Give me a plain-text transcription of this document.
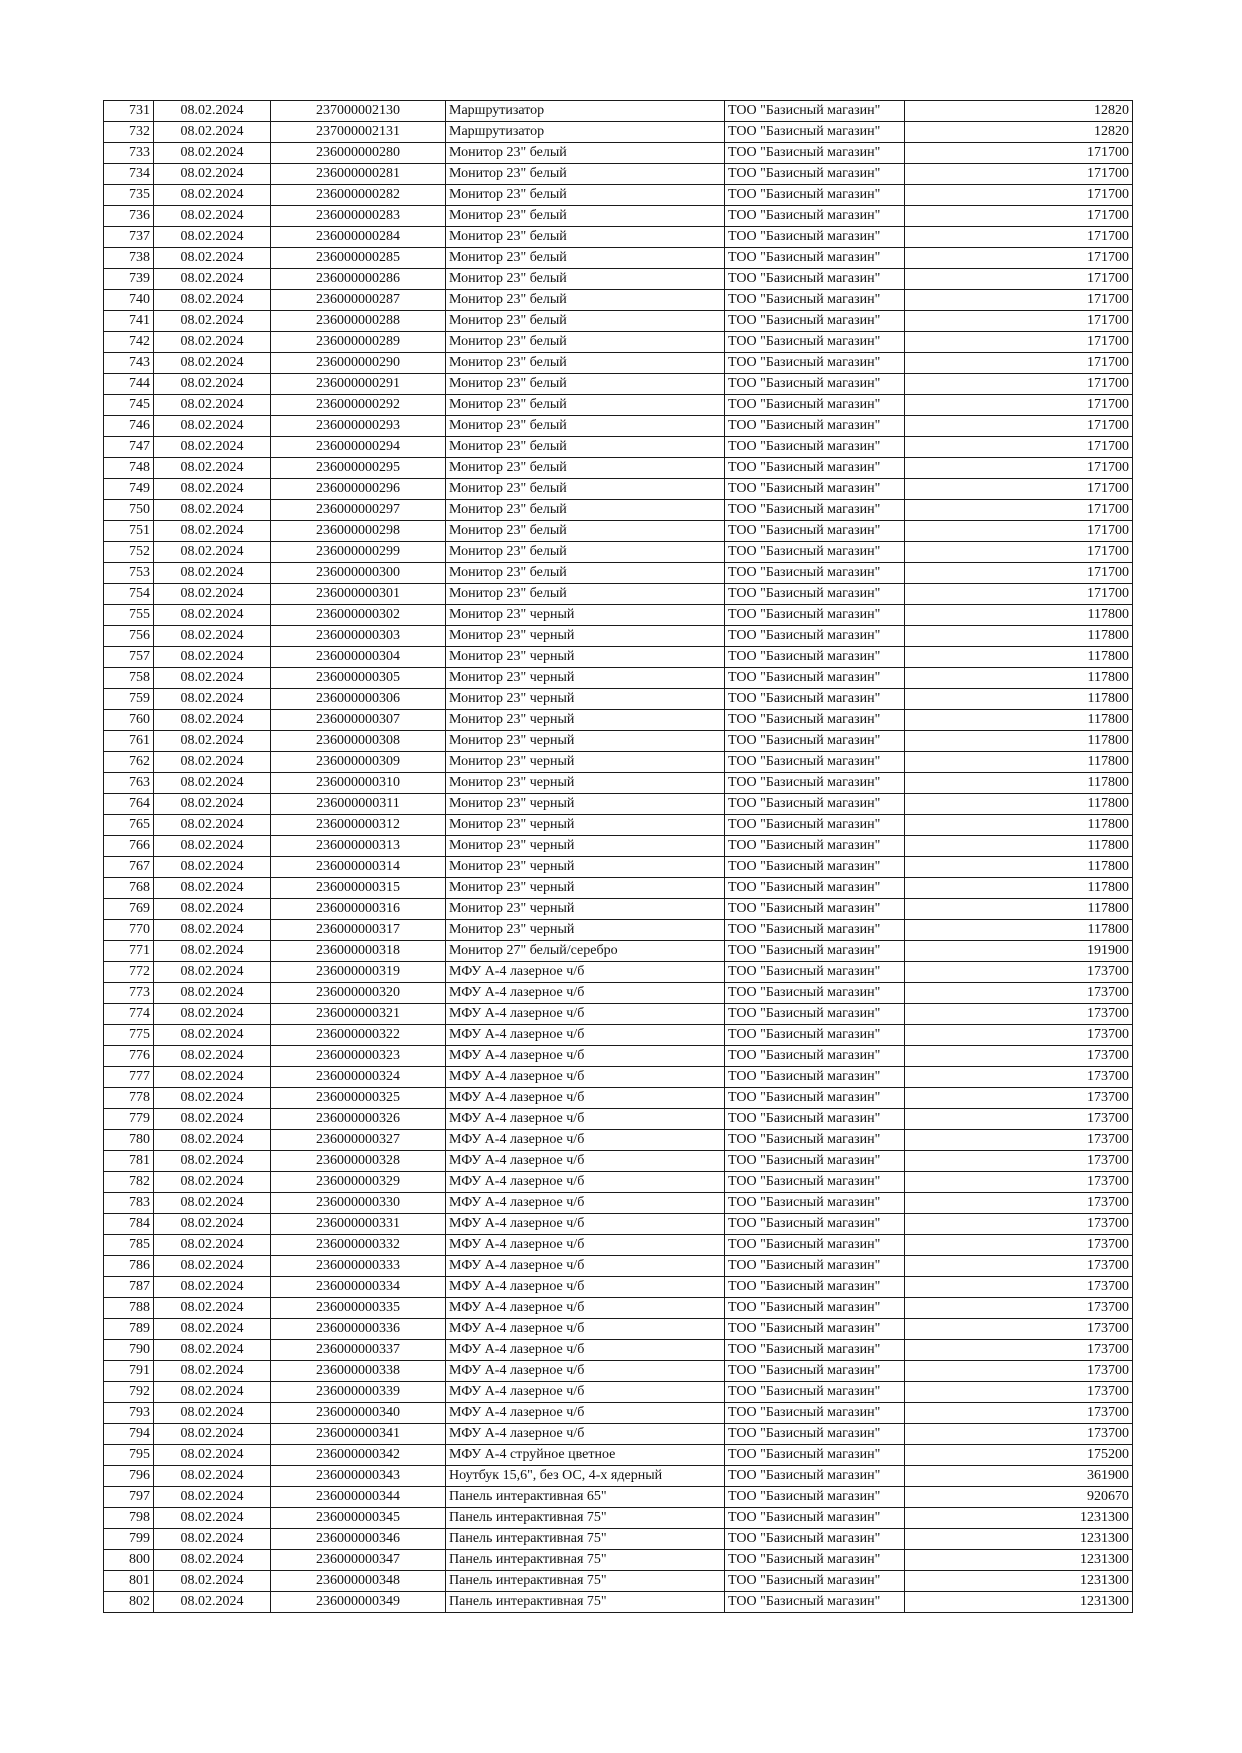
731	08.02.2024	237000002130	Маршрутизатор	ТОО "Базисный магазин"	12820
732	08.02.2024	237000002131	Маршрутизатор	ТОО "Базисный магазин"	12820
733	08.02.2024	236000000280	Монитор 23" белый	ТОО "Базисный магазин"	171700
734	08.02.2024	236000000281	Монитор 23" белый	ТОО "Базисный магазин"	171700
735	08.02.2024	236000000282	Монитор 23" белый	ТОО "Базисный магазин"	171700
736	08.02.2024	236000000283	Монитор 23" белый	ТОО "Базисный магазин"	171700
737	08.02.2024	236000000284	Монитор 23" белый	ТОО "Базисный магазин"	171700
738	08.02.2024	236000000285	Монитор 23" белый	ТОО "Базисный магазин"	171700
739	08.02.2024	236000000286	Монитор 23" белый	ТОО "Базисный магазин"	171700
740	08.02.2024	236000000287	Монитор 23" белый	ТОО "Базисный магазин"	171700
741	08.02.2024	236000000288	Монитор 23" белый	ТОО "Базисный магазин"	171700
742	08.02.2024	236000000289	Монитор 23" белый	ТОО "Базисный магазин"	171700
743	08.02.2024	236000000290	Монитор 23" белый	ТОО "Базисный магазин"	171700
744	08.02.2024	236000000291	Монитор 23" белый	ТОО "Базисный магазин"	171700
745	08.02.2024	236000000292	Монитор 23" белый	ТОО "Базисный магазин"	171700
746	08.02.2024	236000000293	Монитор 23" белый	ТОО "Базисный магазин"	171700
747	08.02.2024	236000000294	Монитор 23" белый	ТОО "Базисный магазин"	171700
748	08.02.2024	236000000295	Монитор 23" белый	ТОО "Базисный магазин"	171700
749	08.02.2024	236000000296	Монитор 23" белый	ТОО "Базисный магазин"	171700
750	08.02.2024	236000000297	Монитор 23" белый	ТОО "Базисный магазин"	171700
751	08.02.2024	236000000298	Монитор 23" белый	ТОО "Базисный магазин"	171700
752	08.02.2024	236000000299	Монитор 23" белый	ТОО "Базисный магазин"	171700
753	08.02.2024	236000000300	Монитор 23" белый	ТОО "Базисный магазин"	171700
754	08.02.2024	236000000301	Монитор 23" белый	ТОО "Базисный магазин"	171700
755	08.02.2024	236000000302	Монитор 23" черный	ТОО "Базисный магазин"	117800
756	08.02.2024	236000000303	Монитор 23" черный	ТОО "Базисный магазин"	117800
757	08.02.2024	236000000304	Монитор 23" черный	ТОО "Базисный магазин"	117800
758	08.02.2024	236000000305	Монитор 23" черный	ТОО "Базисный магазин"	117800
759	08.02.2024	236000000306	Монитор 23" черный	ТОО "Базисный магазин"	117800
760	08.02.2024	236000000307	Монитор 23" черный	ТОО "Базисный магазин"	117800
761	08.02.2024	236000000308	Монитор 23" черный	ТОО "Базисный магазин"	117800
762	08.02.2024	236000000309	Монитор 23" черный	ТОО "Базисный магазин"	117800
763	08.02.2024	236000000310	Монитор 23" черный	ТОО "Базисный магазин"	117800
764	08.02.2024	236000000311	Монитор 23" черный	ТОО "Базисный магазин"	117800
765	08.02.2024	236000000312	Монитор 23" черный	ТОО "Базисный магазин"	117800
766	08.02.2024	236000000313	Монитор 23" черный	ТОО "Базисный магазин"	117800
767	08.02.2024	236000000314	Монитор 23" черный	ТОО "Базисный магазин"	117800
768	08.02.2024	236000000315	Монитор 23" черный	ТОО "Базисный магазин"	117800
769	08.02.2024	236000000316	Монитор 23" черный	ТОО "Базисный магазин"	117800
770	08.02.2024	236000000317	Монитор 23" черный	ТОО "Базисный магазин"	117800
771	08.02.2024	236000000318	Монитор 27" белый/серебро	ТОО "Базисный магазин"	191900
772	08.02.2024	236000000319	МФУ А-4 лазерное ч/б	ТОО "Базисный магазин"	173700
773	08.02.2024	236000000320	МФУ А-4 лазерное ч/б	ТОО "Базисный магазин"	173700
774	08.02.2024	236000000321	МФУ А-4 лазерное ч/б	ТОО "Базисный магазин"	173700
775	08.02.2024	236000000322	МФУ А-4 лазерное ч/б	ТОО "Базисный магазин"	173700
776	08.02.2024	236000000323	МФУ А-4 лазерное ч/б	ТОО "Базисный магазин"	173700
777	08.02.2024	236000000324	МФУ А-4 лазерное ч/б	ТОО "Базисный магазин"	173700
778	08.02.2024	236000000325	МФУ А-4 лазерное ч/б	ТОО "Базисный магазин"	173700
779	08.02.2024	236000000326	МФУ А-4 лазерное ч/б	ТОО "Базисный магазин"	173700
780	08.02.2024	236000000327	МФУ А-4 лазерное ч/б	ТОО "Базисный магазин"	173700
781	08.02.2024	236000000328	МФУ А-4 лазерное ч/б	ТОО "Базисный магазин"	173700
782	08.02.2024	236000000329	МФУ А-4 лазерное ч/б	ТОО "Базисный магазин"	173700
783	08.02.2024	236000000330	МФУ А-4 лазерное ч/б	ТОО "Базисный магазин"	173700
784	08.02.2024	236000000331	МФУ А-4 лазерное ч/б	ТОО "Базисный магазин"	173700
785	08.02.2024	236000000332	МФУ А-4 лазерное ч/б	ТОО "Базисный магазин"	173700
786	08.02.2024	236000000333	МФУ А-4 лазерное ч/б	ТОО "Базисный магазин"	173700
787	08.02.2024	236000000334	МФУ А-4 лазерное ч/б	ТОО "Базисный магазин"	173700
788	08.02.2024	236000000335	МФУ А-4 лазерное ч/б	ТОО "Базисный магазин"	173700
789	08.02.2024	236000000336	МФУ А-4 лазерное ч/б	ТОО "Базисный магазин"	173700
790	08.02.2024	236000000337	МФУ А-4 лазерное ч/б	ТОО "Базисный магазин"	173700
791	08.02.2024	236000000338	МФУ А-4 лазерное ч/б	ТОО "Базисный магазин"	173700
792	08.02.2024	236000000339	МФУ А-4 лазерное ч/б	ТОО "Базисный магазин"	173700
793	08.02.2024	236000000340	МФУ А-4 лазерное ч/б	ТОО "Базисный магазин"	173700
794	08.02.2024	236000000341	МФУ А-4 лазерное ч/б	ТОО "Базисный магазин"	173700
795	08.02.2024	236000000342	МФУ А-4 струйное цветное	ТОО "Базисный магазин"	175200
796	08.02.2024	236000000343	Ноутбук 15,6", без ОС, 4-х ядерный	ТОО "Базисный магазин"	361900
797	08.02.2024	236000000344	Панель интерактивная 65"	ТОО "Базисный магазин"	920670
798	08.02.2024	236000000345	Панель интерактивная 75"	ТОО "Базисный магазин"	1231300
799	08.02.2024	236000000346	Панель интерактивная 75"	ТОО "Базисный магазин"	1231300
800	08.02.2024	236000000347	Панель интерактивная 75"	ТОО "Базисный магазин"	1231300
801	08.02.2024	236000000348	Панель интерактивная 75"	ТОО "Базисный магазин"	1231300
802	08.02.2024	236000000349	Панель интерактивная 75"	ТОО "Базисный магазин"	1231300
